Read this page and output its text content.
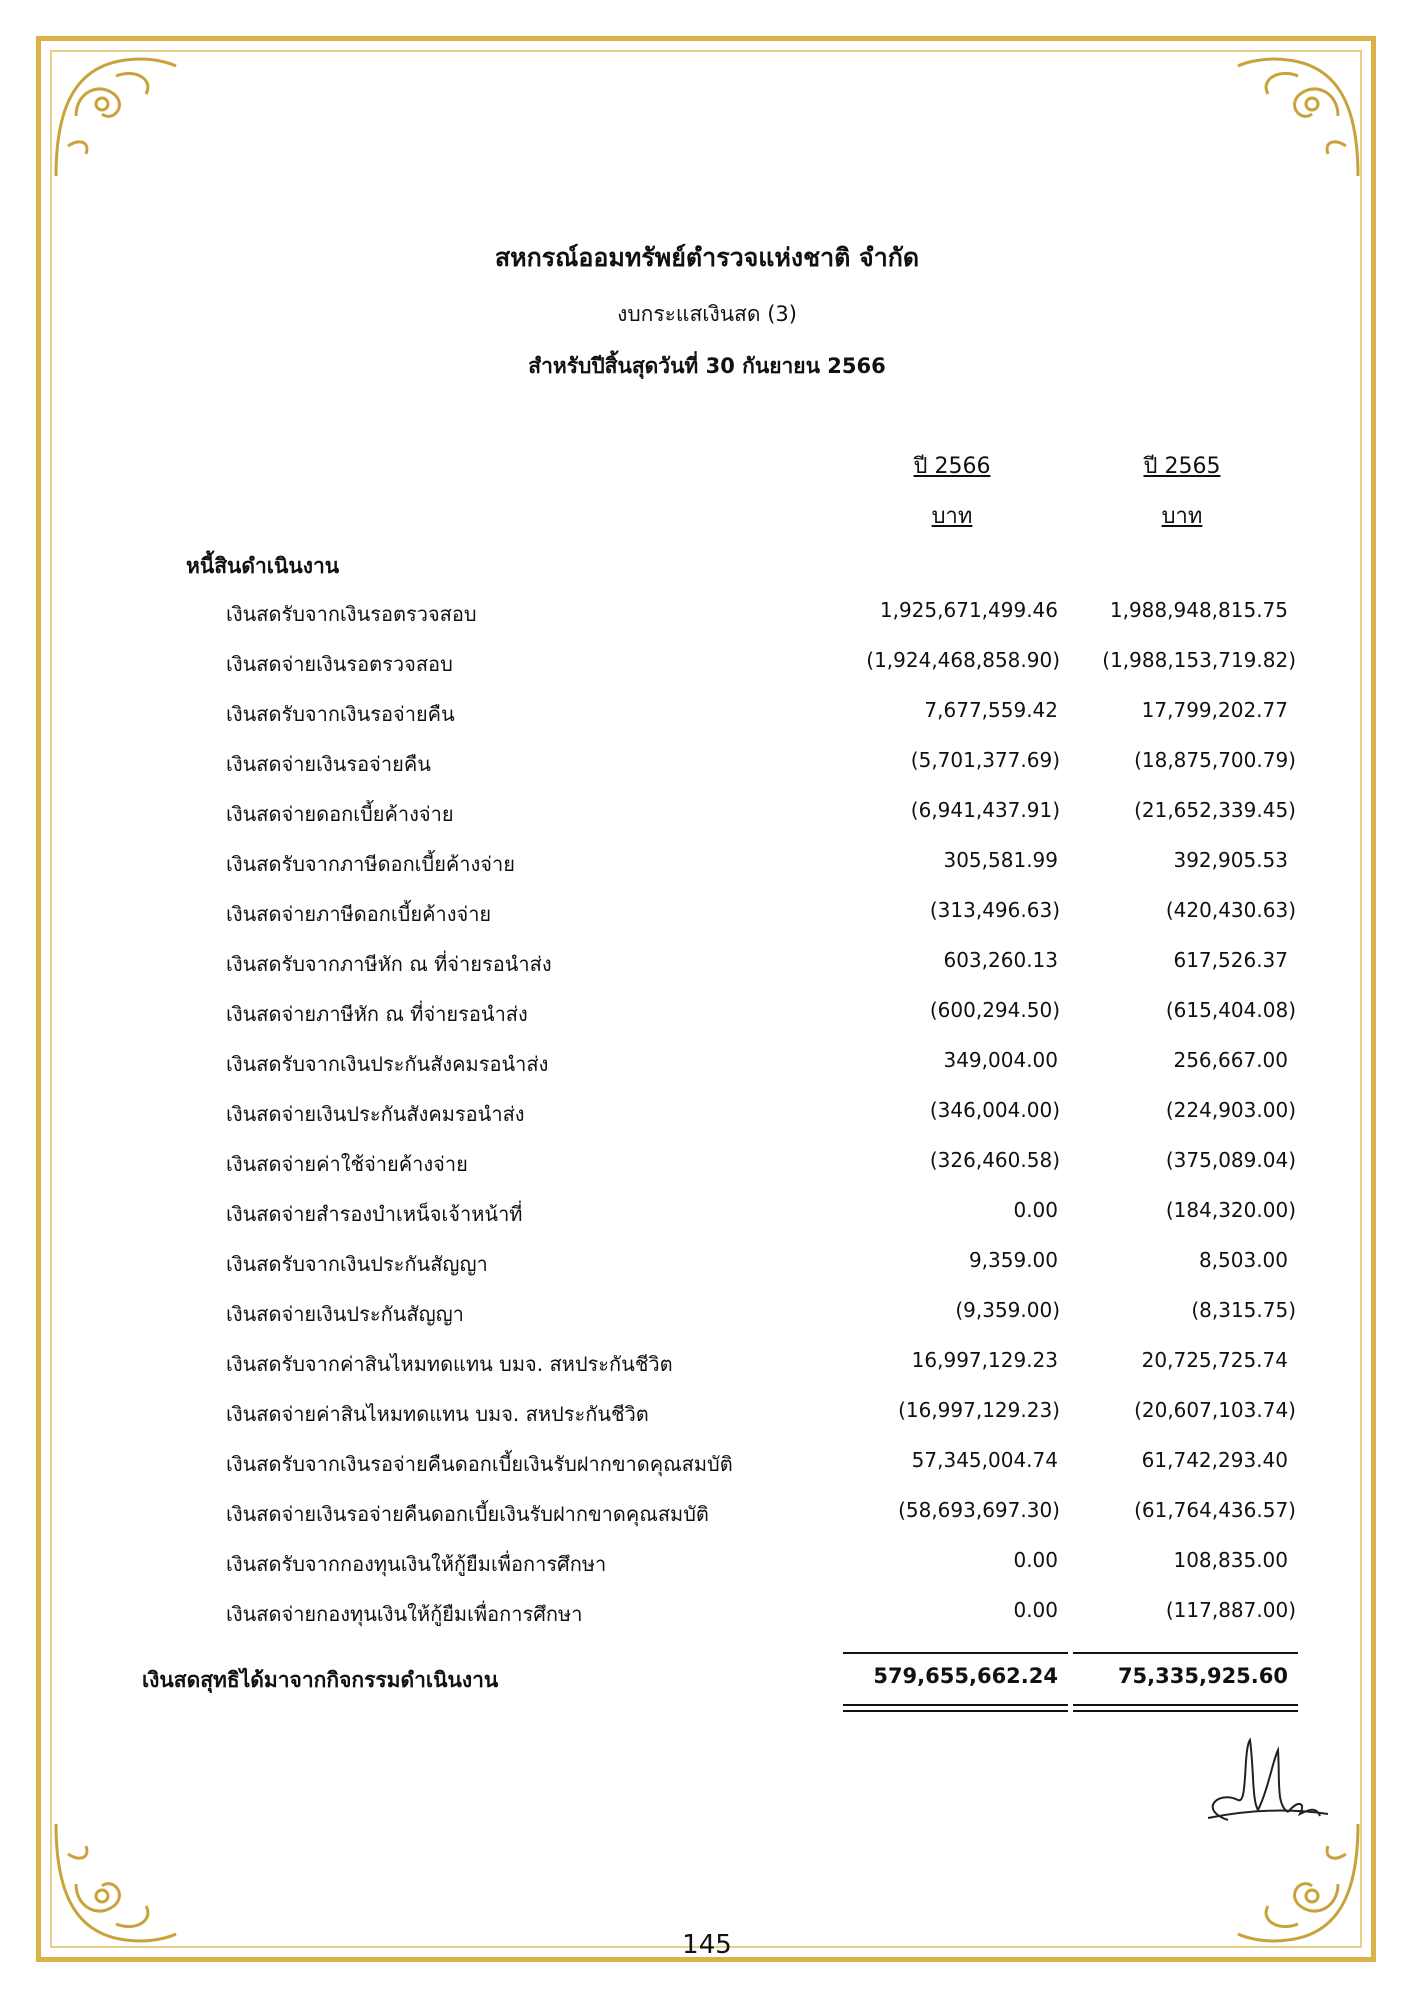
สหกรณ์ออมทรัพย์ตำรวจแห่งชาติ จำกัด
งบกระแสเงินสด (3)
สำหรับปีสิ้นสุดวันที่ 30 กันยายน 2566
ปี 2566	ปี 2565
บาท	บาท
หนี้สินดำเนินงาน
เงินสดรับจากเงินรอตรวจสอบ	1,925,671,499.46	1,988,948,815.75
เงินสดจ่ายเงินรอตรวจสอบ	(1,924,468,858.90) (1,988,153,719.82)
เงินสดรับจากเงินรอจ่ายคืน	7,677,559.42	17,799,202.77
เงินสดจ่ายเงินรอจ่ายคืน	(5,701,377.69)	(18,875,700.79)
เงินสดจ่ายดอกเบี้ยค้างจ่าย	(6,941,437.91)	(21,652,339.45)
เงินสดรับจากภาษีดอกเบี้ยค้างจ่าย	305,581.99	392,905.53
เงินสดจ่ายภาษีดอกเบี้ยค้างจ่าย	(313,496.63)	(420,430.63)
เงินสดรับจากภาษีหัก ณ ที่จ่ายรอนำส่ง	603,260.13	617,526.37
เงินสดจ่ายภาษีหัก ณ ที่จ่ายรอนำส่ง	(600,294.50)	(615,404.08)
เงินสดรับจากเงินประกันสังคมรอนำส่ง	349,004.00	256,667.00
เงินสดจ่ายเงินประกันสังคมรอนำส่ง	(346,004.00)	(224,903.00)
เงินสดจ่ายค่าใช้จ่ายค้างจ่าย	(326,460.58)	(375,089.04)
เงินสดจ่ายสำรองบำเหน็จเจ้าหน้าที่	0.00	(184,320.00)
เงินสดรับจากเงินประกันสัญญา	9,359.00	8,503.00
เงินสดจ่ายเงินประกันสัญญา	(9,359.00)	(8,315.75)
เงินสดรับจากค่าสินไหมทดแทน บมจ. สหประกันชีวิต	16,997,129.23	20,725,725.74
เงินสดจ่ายค่าสินไหมทดแทน บมจ. สหประกันชีวิต	(16,997,129.23)	(20,607,103.74)
เงินสดรับจากเงินรอจ่ายคืนดอกเบี้ยเงินรับฝากขาดคุณสมบัติ	57,345,004.74	61,742,293.40
เงินสดจ่ายเงินรอจ่ายคืนดอกเบี้ยเงินรับฝากขาดคุณสมบัติ	(58,693,697.30)	(61,764,436.57)
เงินสดรับจากกองทุนเงินให้กู้ยืมเพื่อการศึกษา	0.00	108,835.00
เงินสดจ่ายกองทุนเงินให้กู้ยืมเพื่อการศึกษา	0.00	(117,887.00)
เงินสดสุทธิได้มาจากกิจกรรมดำเนินงาน	579,655,662.24	75,335,925.60
145
